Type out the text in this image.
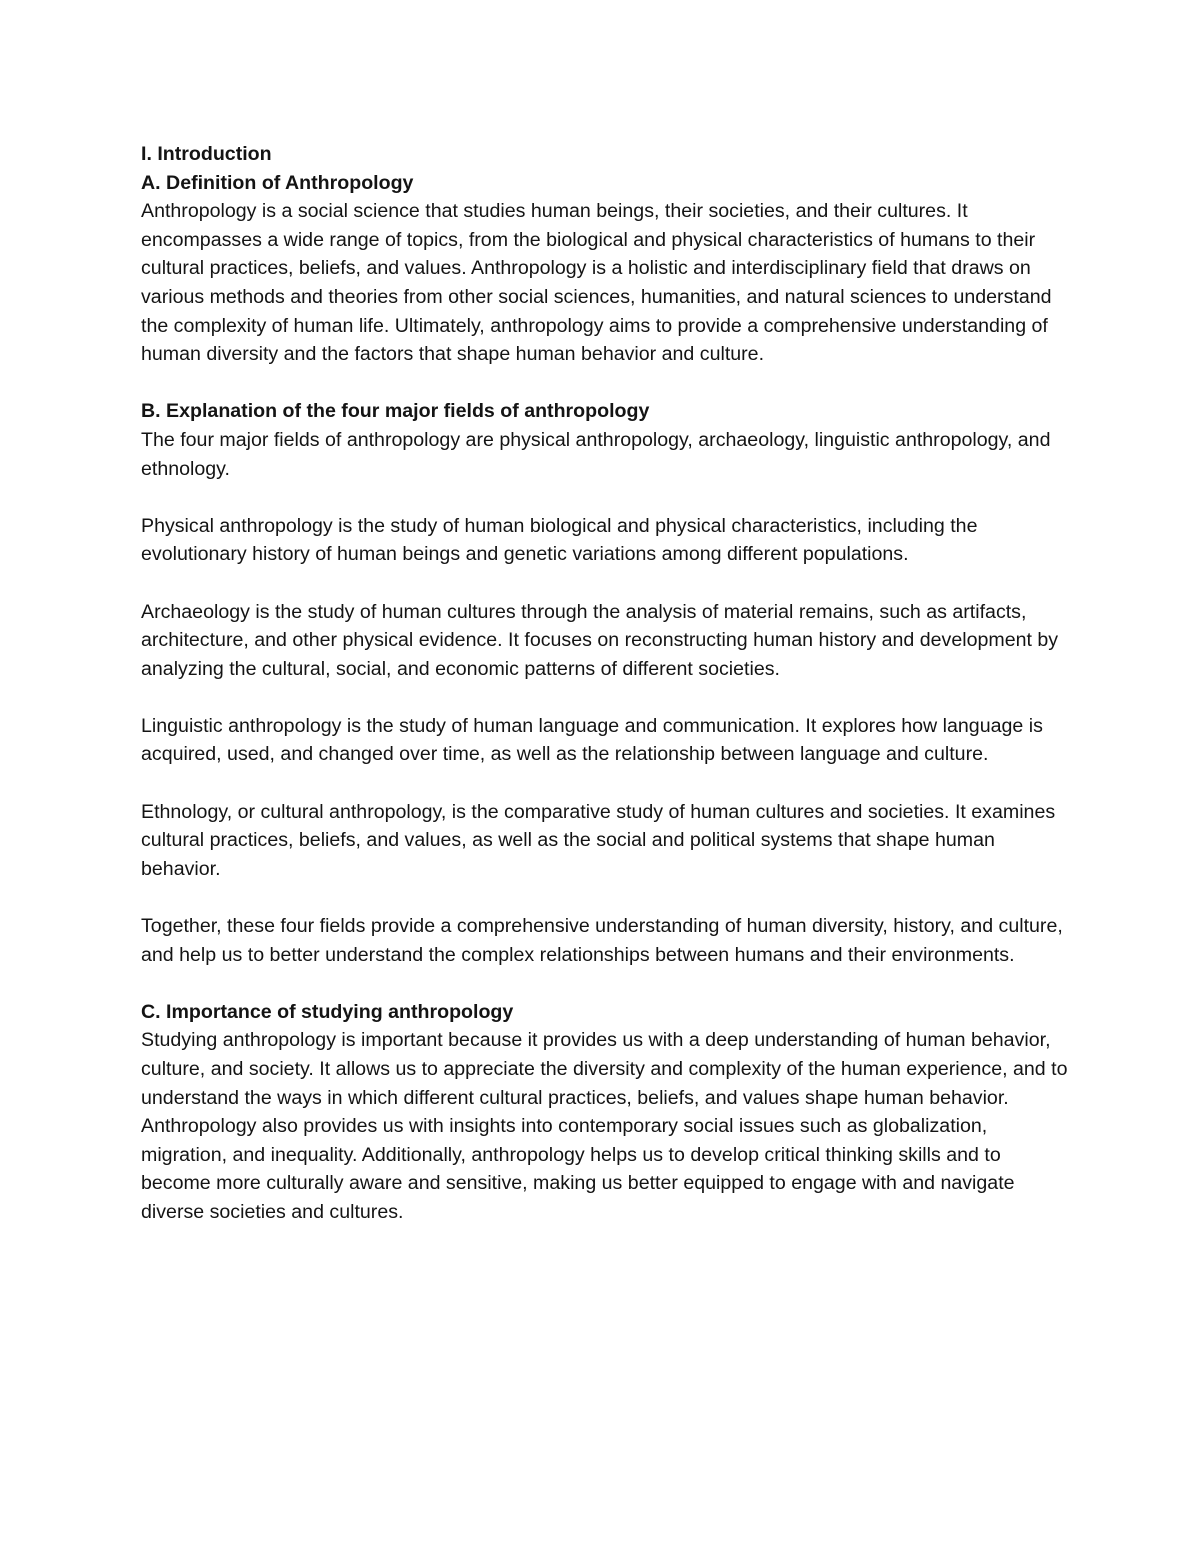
I. Introduction

A. Definition of Anthropology

Anthropology is a social science that studies human beings, their societies, and their cultures. It encompasses a wide range of topics, from the biological and physical characteristics of humans to their cultural practices, beliefs, and values. Anthropology is a holistic and interdisciplinary field that draws on various methods and theories from other social sciences, humanities, and natural sciences to understand the complexity of human life. Ultimately, anthropology aims to provide a comprehensive understanding of human diversity and the factors that shape human behavior and culture.

B. Explanation of the four major fields of anthropology

The four major fields of anthropology are physical anthropology, archaeology, linguistic anthropology, and ethnology.

Physical anthropology is the study of human biological and physical characteristics, including the evolutionary history of human beings and genetic variations among different populations.

Archaeology is the study of human cultures through the analysis of material remains, such as artifacts, architecture, and other physical evidence. It focuses on reconstructing human history and development by analyzing the cultural, social, and economic patterns of different societies.

Linguistic anthropology is the study of human language and communication. It explores how language is acquired, used, and changed over time, as well as the relationship between language and culture.

Ethnology, or cultural anthropology, is the comparative study of human cultures and societies. It examines cultural practices, beliefs, and values, as well as the social and political systems that shape human behavior.

Together, these four fields provide a comprehensive understanding of human diversity, history, and culture, and help us to better understand the complex relationships between humans and their environments.

C. Importance of studying anthropology

Studying anthropology is important because it provides us with a deep understanding of human behavior, culture, and society. It allows us to appreciate the diversity and complexity of the human experience, and to understand the ways in which different cultural practices, beliefs, and values shape human behavior. Anthropology also provides us with insights into contemporary social issues such as globalization, migration, and inequality. Additionally, anthropology helps us to develop critical thinking skills and to become more culturally aware and sensitive, making us better equipped to engage with and navigate diverse societies and cultures.
